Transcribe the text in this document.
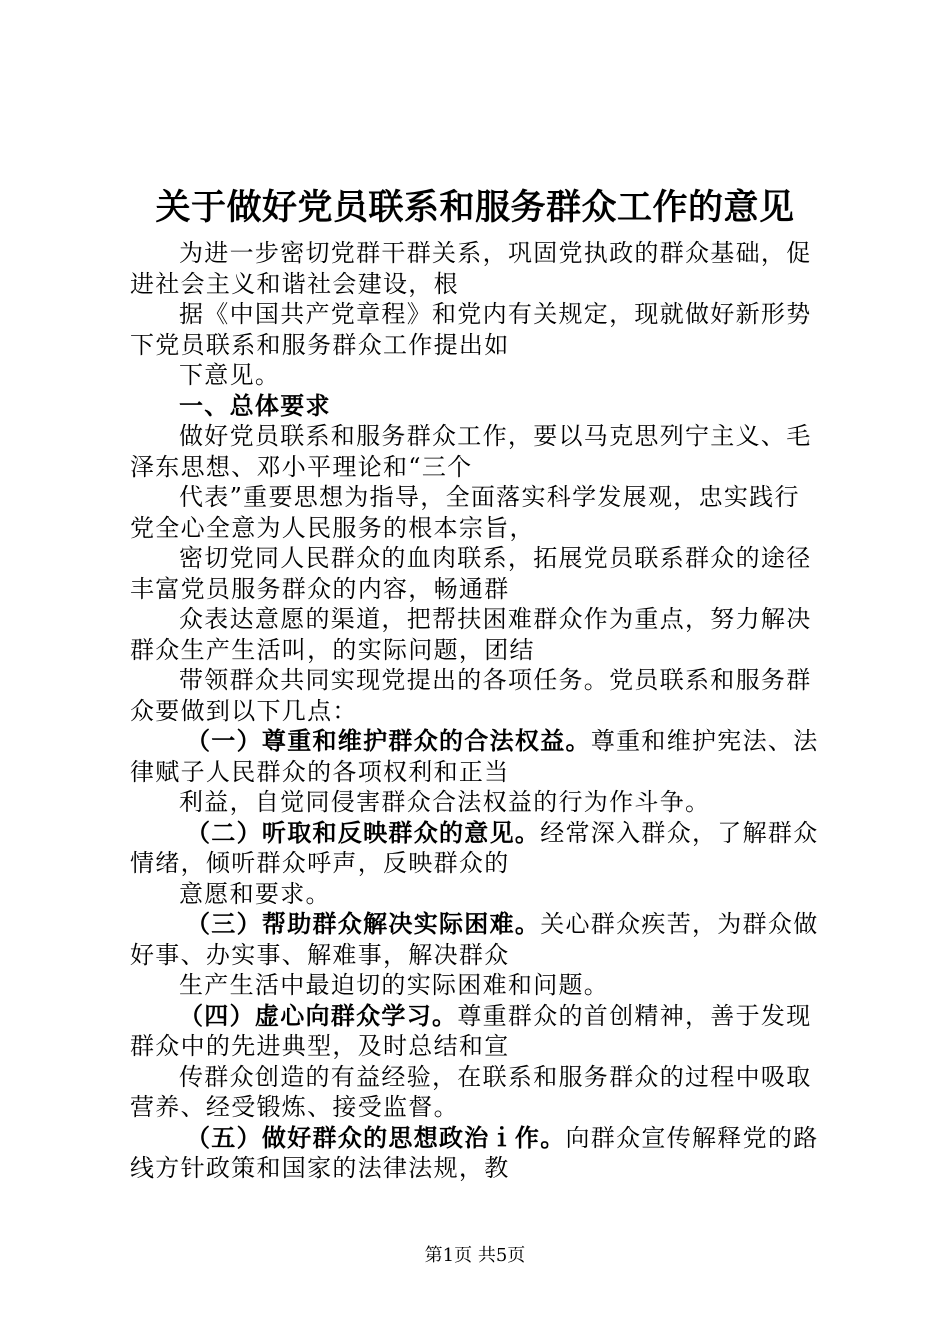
关于做好党员联系和服务群众工作的意见
为进一步密切党群干群关系，巩固党执政的群众基础，促
进社会主义和谐社会建设，根
据《中国共产党章程》和党内有关规定，现就做好新形势
下党员联系和服务群众工作提出如
下意见。
一、总体要求
做好党员联系和服务群众工作，要以马克思列宁主义、毛
泽东思想、邓小平理论和“三个
代表”重要思想为指导，全面落实科学发展观，忠实践行
党全心全意为人民服务的根本宗旨，
密切党同人民群众的血肉联系，拓展党员联系群众的途径
丰富党员服务群众的内容，畅通群
众表达意愿的渠道，把帮扶困难群众作为重点，努力解决
群众生产生活叫，的实际问题，团结
带领群众共同实现党提出的各项任务。党员联系和服务群
众要做到以下几点：
（一）尊重和维护群众的合法权益。尊重和维护宪法、法
律赋子人民群众的各项权利和正当
利益，自觉同侵害群众合法权益的行为作斗争。
（二）听取和反映群众的意见。经常深入群众，了解群众
情绪，倾听群众呼声，反映群众的
意愿和要求。
（三）帮助群众解决实际困难。关心群众疾苦，为群众做
好事、办实事、解难事，解决群众
生产生活中最迫切的实际困难和问题。
（四）虚心向群众学习。尊重群众的首创精神，善于发现
群众中的先进典型，及时总结和宣
传群众创造的有益经验，在联系和服务群众的过程中吸取
营养、经受锻炼、接受监督。
（五）做好群众的思想政治ｉ作。向群众宣传解释党的路
线方针政策和国家的法律法规，教
第1页 共5页
